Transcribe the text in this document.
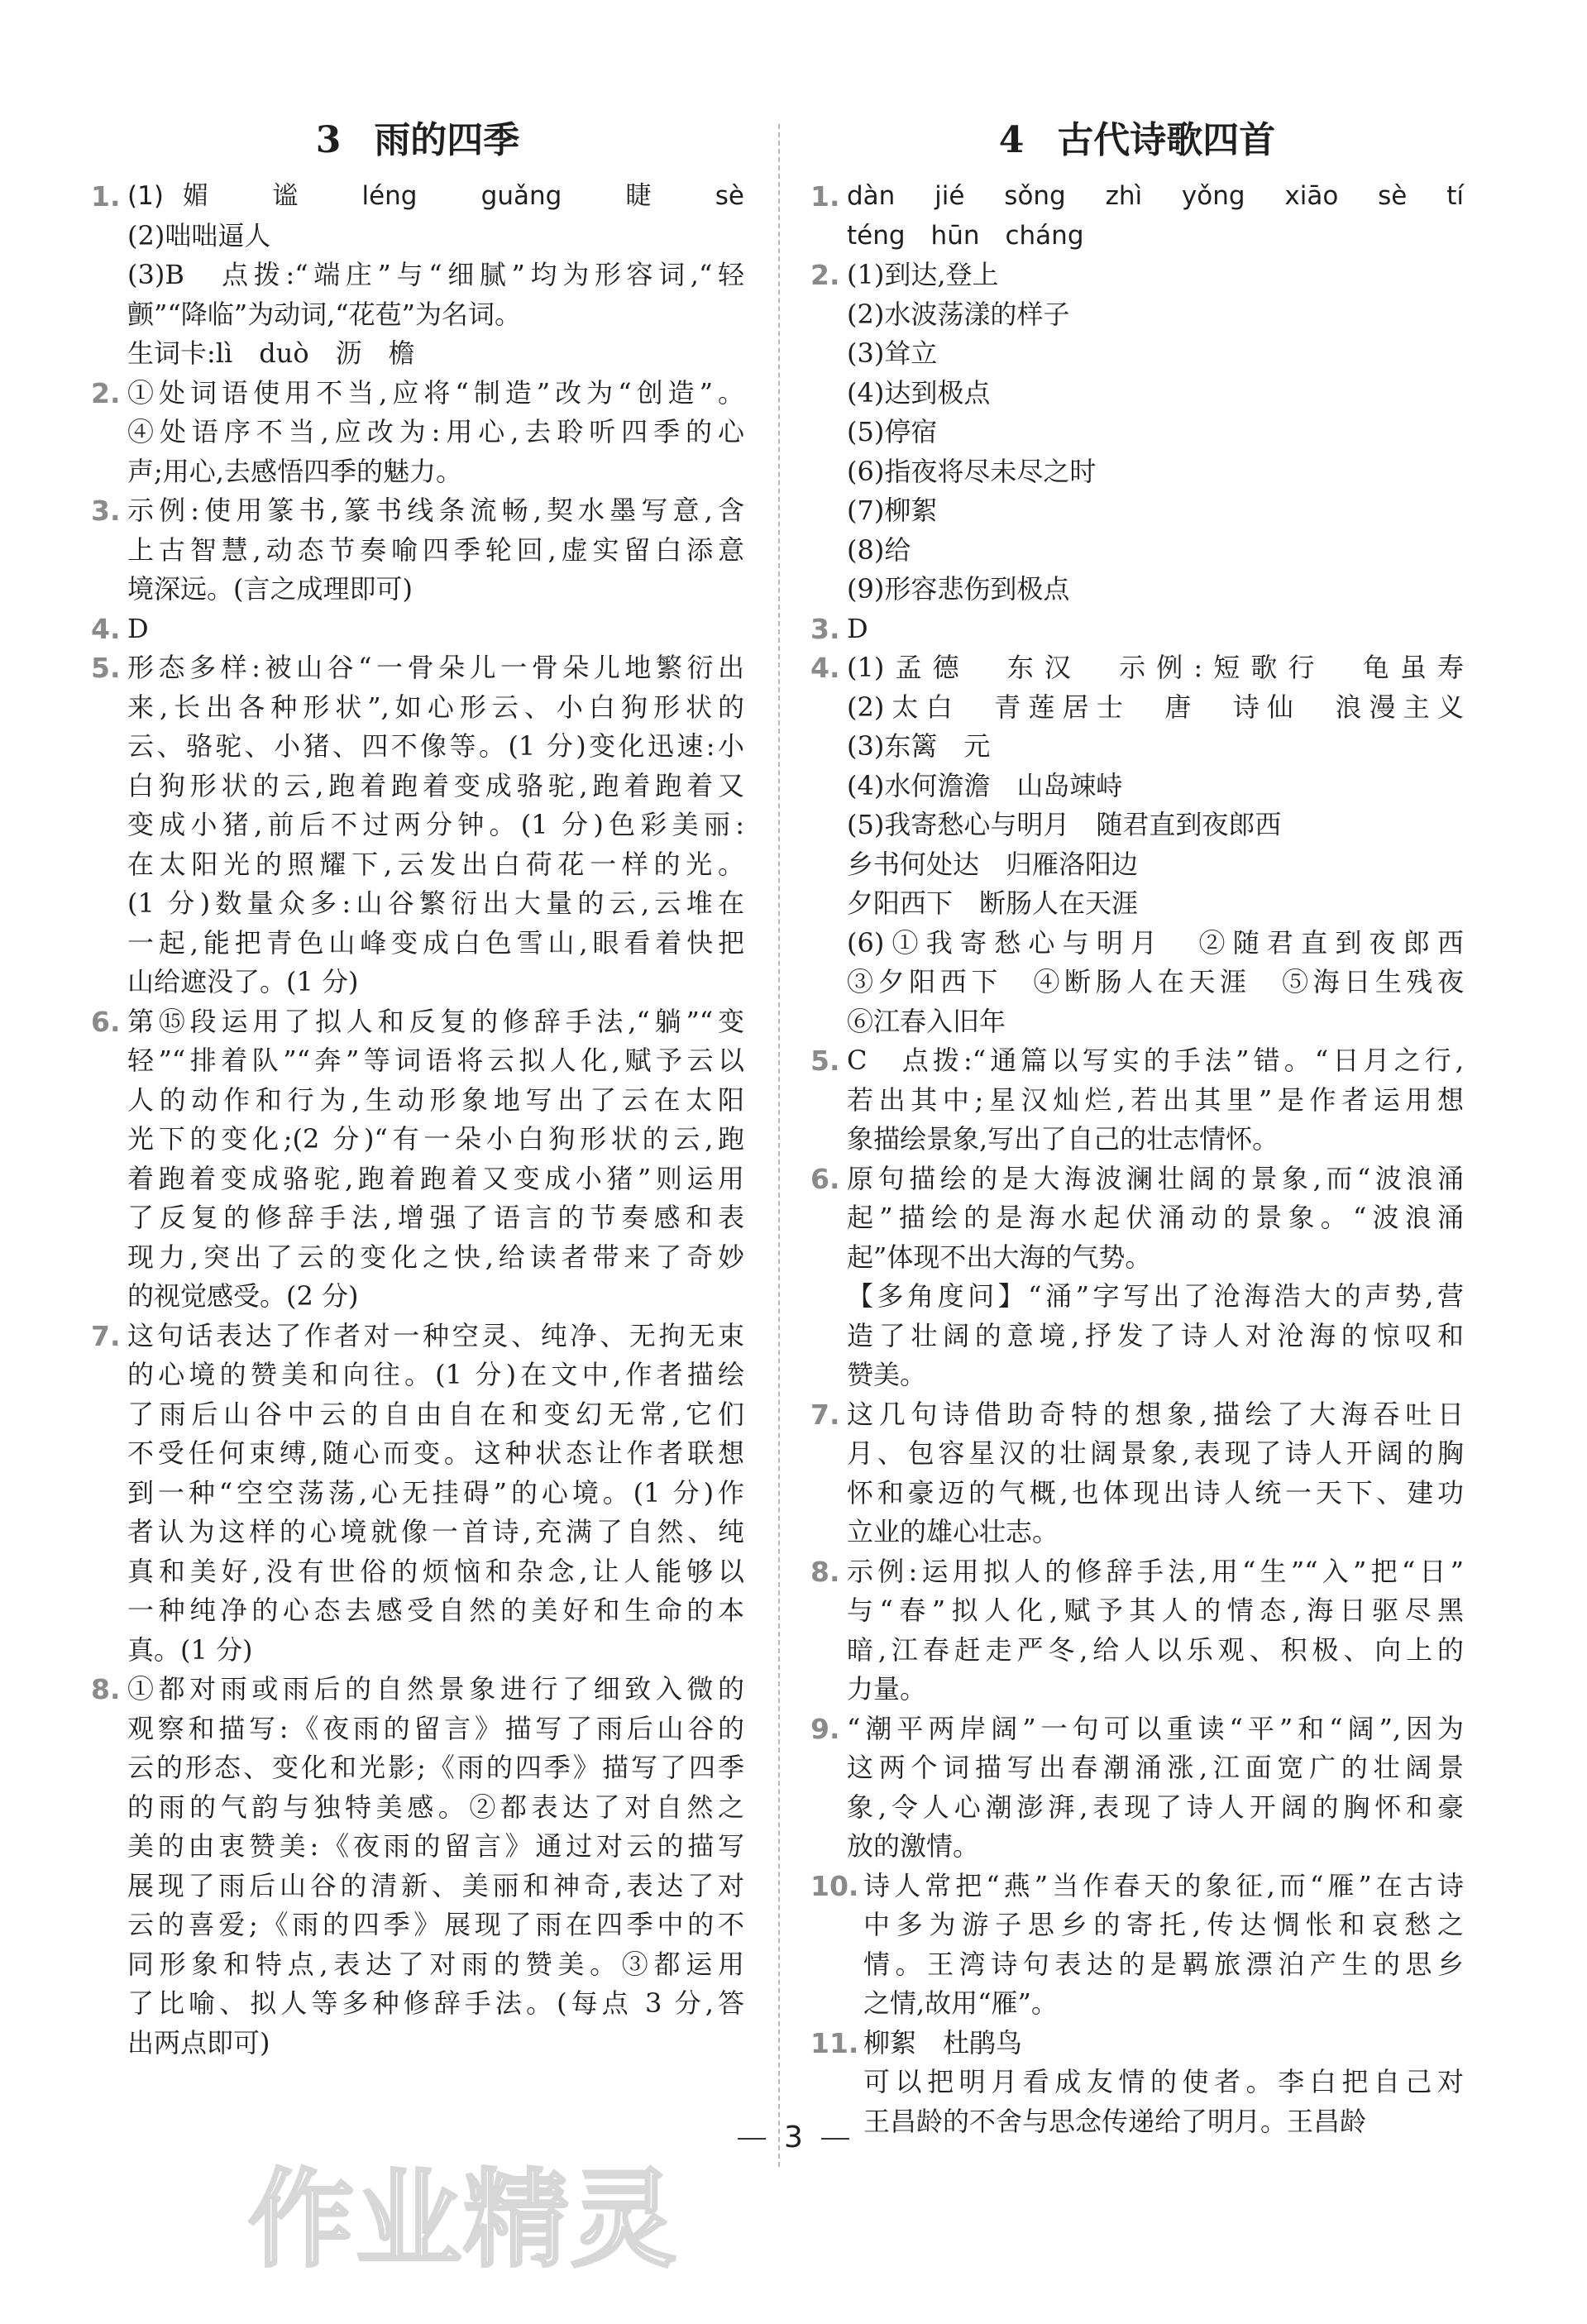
3 雨的四季
1. (1)媚　谧　léng　guǎng　睫　sè
(2)咄咄逼人
(3)B　点拨:“端庄”与“细腻”均为形容词,“轻
颤”“降临”为动词,“花苞”为名词。
生词卡:lì　duò　沥　檐
2. ①处词语使用不当,应将“制造”改为“创造”。
④处语序不当,应改为:用心,去聆听四季的心
声;用心,去感悟四季的魅力。
3. 示例:使用篆书,篆书线条流畅,契水墨写意,含
上古智慧,动态节奏喻四季轮回,虚实留白添意
境深远。(言之成理即可)
4. D
5. 形态多样:被山谷“一骨朵儿一骨朵儿地繁衍出
来,长出各种形状”,如心形云、小白狗形状的
云、骆驼、小猪、四不像等。(1 分)变化迅速:小
白狗形状的云,跑着跑着变成骆驼,跑着跑着又
变成小猪,前后不过两分钟。(1 分)色彩美丽:
在太阳光的照耀下,云发出白荷花一样的光。
(1 分)数量众多:山谷繁衍出大量的云,云堆在
一起,能把青色山峰变成白色雪山,眼看着快把
山给遮没了。(1 分)
6. 第⑮段运用了拟人和反复的修辞手法,“躺”“变
轻”“排着队”“奔”等词语将云拟人化,赋予云以
人的动作和行为,生动形象地写出了云在太阳
光下的变化;(2 分)“有一朵小白狗形状的云,跑
着跑着变成骆驼,跑着跑着又变成小猪”则运用
了反复的修辞手法,增强了语言的节奏感和表
现力,突出了云的变化之快,给读者带来了奇妙
的视觉感受。(2 分)
7. 这句话表达了作者对一种空灵、纯净、无拘无束
的心境的赞美和向往。(1 分)在文中,作者描绘
了雨后山谷中云的自由自在和变幻无常,它们
不受任何束缚,随心而变。这种状态让作者联想
到一种“空空荡荡,心无挂碍”的心境。(1 分)作
者认为这样的心境就像一首诗,充满了自然、纯
真和美好,没有世俗的烦恼和杂念,让人能够以
一种纯净的心态去感受自然的美好和生命的本
真。(1 分)
8. ①都对雨或雨后的自然景象进行了细致入微的
观察和描写:《夜雨的留言》描写了雨后山谷的
云的形态、变化和光影;《雨的四季》描写了四季
的雨的气韵与独特美感。②都表达了对自然之
美的由衷赞美:《夜雨的留言》通过对云的描写
展现了雨后山谷的清新、美丽和神奇,表达了对
云的喜爱;《雨的四季》展现了雨在四季中的不
同形象和特点,表达了对雨的赞美。③都运用
了比喻、拟人等多种修辞手法。(每点 3 分,答
出两点即可)
4 古代诗歌四首
1. dàn　jié　sǒng　zhì　yǒng　xiāo　sè　tí
téng　hūn　cháng
2. (1)到达,登上
(2)水波荡漾的样子
(3)耸立
(4)达到极点
(5)停宿
(6)指夜将尽未尽之时
(7)柳絮
(8)给
(9)形容悲伤到极点
3. D
4. (1)孟德　东汉　示例:短歌行　龟虽寿
(2)太白　青莲居士　唐　诗仙　浪漫主义
(3)东篱　元
(4)水何澹澹　山岛竦峙
(5)我寄愁心与明月　随君直到夜郎西
乡书何处达　归雁洛阳边
夕阳西下　断肠人在天涯
(6)①我寄愁心与明月　②随君直到夜郎西
③夕阳西下　④断肠人在天涯　⑤海日生残夜
⑥江春入旧年
5. C　点拨:“通篇以写实的手法”错。“日月之行,
若出其中;星汉灿烂,若出其里”是作者运用想
象描绘景象,写出了自己的壮志情怀。
6. 原句描绘的是大海波澜壮阔的景象,而“波浪涌
起”描绘的是海水起伏涌动的景象。“波浪涌
起”体现不出大海的气势。
【多角度问】“涌”字写出了沧海浩大的声势,营
造了壮阔的意境,抒发了诗人对沧海的惊叹和
赞美。
7. 这几句诗借助奇特的想象,描绘了大海吞吐日
月、包容星汉的壮阔景象,表现了诗人开阔的胸
怀和豪迈的气概,也体现出诗人统一天下、建功
立业的雄心壮志。
8. 示例:运用拟人的修辞手法,用“生”“入”把“日”
与“春”拟人化,赋予其人的情态,海日驱尽黑
暗,江春赶走严冬,给人以乐观、积极、向上的
力量。
9. “潮平两岸阔”一句可以重读“平”和“阔”,因为
这两个词描写出春潮涌涨,江面宽广的壮阔景
象,令人心潮澎湃,表现了诗人开阔的胸怀和豪
放的激情。
10. 诗人常把“燕”当作春天的象征,而“雁”在古诗
中多为游子思乡的寄托,传达惆怅和哀愁之
情。王湾诗句表达的是羁旅漂泊产生的思乡
之情,故用“雁”。
11. 柳絮　杜鹃鸟
可以把明月看成友情的使者。李白把自己对
王昌龄的不舍与思念传递给了明月。王昌龄
3
作业精灵
